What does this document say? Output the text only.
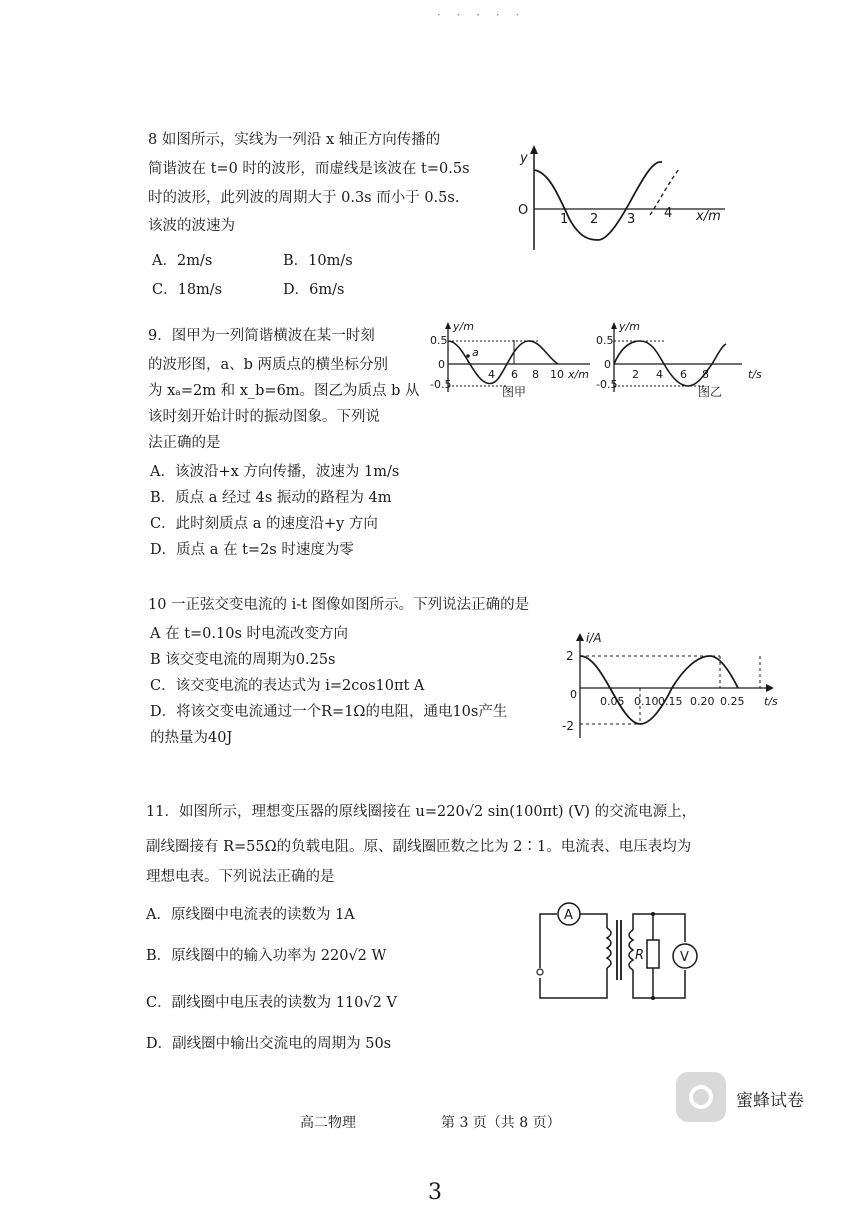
· · · · ·
8 如图所示，实线为一列沿 x 轴正方向传播的
简谐波在 t=0 时的波形，而虚线是该波在 t=0.5s
时的波形，此列波的周期大于 0.3s 而小于 0.5s.
该波的波速为
A．2m/s	B．10m/s
C．18m/s	D．6m/s
y
O
1 2 3 4 x/m
9．图甲为一列简谐横波在某一时刻
的波形图，a、b 两质点的横坐标分别
为 xₐ=2m 和 x_b=6m。图乙为质点 b 从
该时刻开始计时的振动图象。下列说
法正确的是
A．该波沿+x 方向传播，波速为 1m/s
B．质点 a 经过 4s 振动的路程为 4m
C．此时刻质点 a 的速度沿+y 方向
D．质点 a 在 t=2s 时速度为零
y/m
0.5
0
-0.5
a
4 6 8 10 x/m
图甲
y/m
0.5
0
-0.5
2 4 6 8	t/s
图乙
10 一正弦交变电流的 i-t 图像如图所示。下列说法正确的是
A 在 t=0.10s 时电流改变方向
B 该交变电流的周期为0.25s
C．该交变电流的表达式为 i=2cos10πt A
D．将该交变电流通过一个R=1Ω的电阻，通电10s产生
的热量为40J
i/A
2
-2
0
0.05 0.10 0.15 0.20 0.25 t/s
11．如图所示，理想变压器的原线圈接在 u=220√2 sin(100πt) (V) 的交流电源上，
副线圈接有 R=55Ω的负载电阻。原、副线圈匝数之比为 2∶1。电流表、电压表均为
理想电表。下列说法正确的是
A．原线圈中电流表的读数为 1A
B．原线圈中的输入功率为 220√2 W
C．副线圈中电压表的读数为 110√2 V
D．副线圈中输出交流电的周期为 50s
A
R	V
高二物理	第 3 页（共 8 页）
3
蜜蜂试卷
